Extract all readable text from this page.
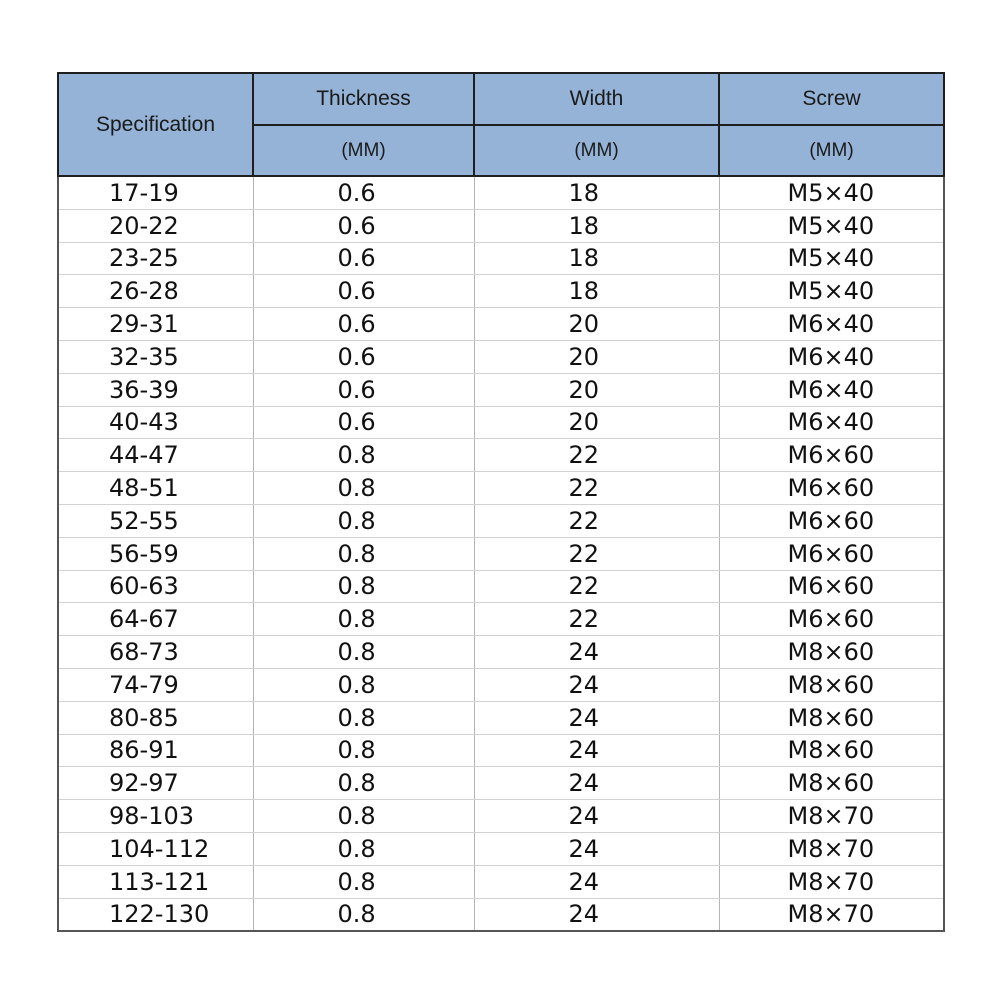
Specification	Thickness	Width	Screw
	(MM)	(MM)	(MM)
17-19	0.6	18	M5×40
20-22	0.6	18	M5×40
23-25	0.6	18	M5×40
26-28	0.6	18	M5×40
29-31	0.6	20	M6×40
32-35	0.6	20	M6×40
36-39	0.6	20	M6×40
40-43	0.6	20	M6×40
44-47	0.8	22	M6×60
48-51	0.8	22	M6×60
52-55	0.8	22	M6×60
56-59	0.8	22	M6×60
60-63	0.8	22	M6×60
64-67	0.8	22	M6×60
68-73	0.8	24	M8×60
74-79	0.8	24	M8×60
80-85	0.8	24	M8×60
86-91	0.8	24	M8×60
92-97	0.8	24	M8×60
98-103	0.8	24	M8×70
104-112	0.8	24	M8×70
113-121	0.8	24	M8×70
122-130	0.8	24	M8×70
